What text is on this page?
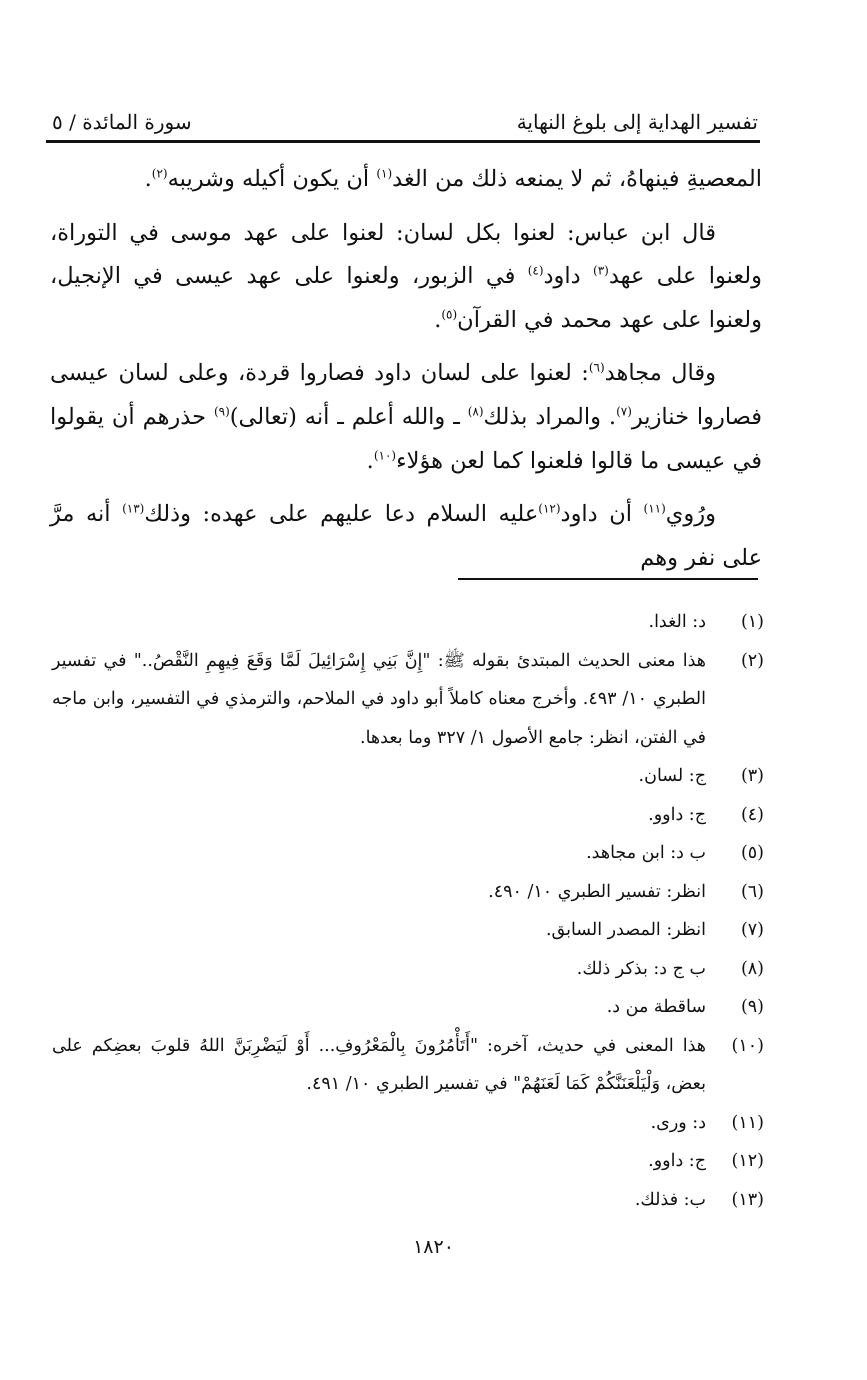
تفسير الهداية إلى بلوغ النهاية
سورة المائدة / ٥

المعصيةِ فينهاهُ، ثم لا يمنعه ذلك من الغد$^{(١)}$ أن يكون أكيله وشريبه$^{(٢)}$.

قال ابن عباس: لعنوا بكل لسان: لعنوا على عهد موسى في التوراة، ولعنوا على عهد$^{(٣)}$ داود$^{(٤)}$ في الزبور، ولعنوا على عهد عيسى في الإنجيل، ولعنوا على عهد محمد في القرآن$^{(٥)}$.

وقال مجاهد$^{(٦)}$: لعنوا على لسان داود فصاروا قردة، وعلى لسان عيسى فصاروا خنازير$^{(٧)}$. والمراد بذلك$^{(٨)}$ ـ والله أعلم ـ أنه (تعالى)$^{(٩)}$ حذرهم أن يقولوا في عيسى ما قالوا فلعنوا كما لعن هؤلاء$^{(١٠)}$.

ورُوي$^{(١١)}$ أن داود$^{(١٢)}$عليه السلام دعا عليهم على عهده: وذلك$^{(١٣)}$ أنه مرَّ على نفر وهم

(١)
د: الغدا.
(٢)
هذا معنى الحديث المبتدئ بقوله ﷺ: "إِنَّ بَنِي إِسْرَائِيلَ لَمَّا وَقَعَ فِيهِمِ النَّقْصُ.." في تفسير الطبري ١٠/ ٤٩٣. وأخرج معناه كاملاً أبو داود في الملاحم، والترمذي في التفسير، وابن ماجه في الفتن، انظر: جامع الأصول ١/ ٣٢٧ وما بعدها.
(٣)
ج: لسان.
(٤)
ج: داوو.
(٥)
ب د: ابن مجاهد.
(٦)
انظر: تفسير الطبري ١٠/ ٤٩٠.
(٧)
انظر: المصدر السابق.
(٨)
ب ج د: بذكر ذلك.
(٩)
ساقطة من د.
(١٠)
هذا المعنى في حديث، آخره: "أَتَأْمُرُونَ بِالْمَعْرُوفِ... أَوْ لَيَضْرِبَنَّ اللهُ قلوبَ بعضِكم على بعض، وَلْيَلْعَنَنَّكُمْ كَمَا لَعَنَهُمْ" في تفسير الطبري ١٠/ ٤٩١.
(١١)
د: ورى.
(١٢)
ج: داوو.
(١٣)
ب: فذلك.
١٨٢٠
